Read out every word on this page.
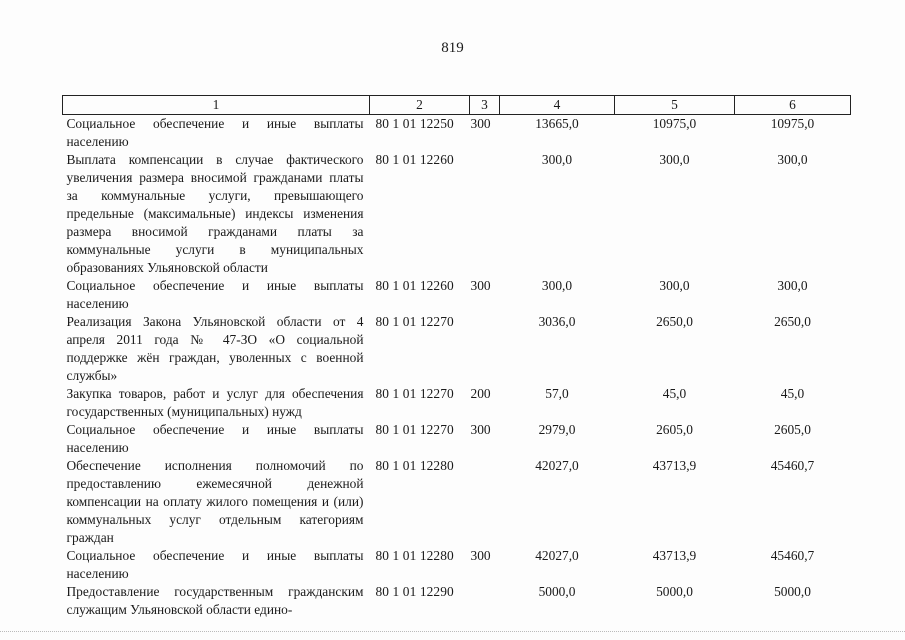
819
1	2	3	4	5	6
Социальное обеспечение и иные выплаты населению	80 1 01 12250	300	13665,0	10975,0	10975,0
Выплата компенсации в случае фактического увеличения размера вносимой гражданами платы за коммунальные услуги, превышающего предельные (максимальные) индексы изменения размера вносимой гражданами платы за коммунальные услуги в муниципальных образованиях Ульяновской области	80 1 01 12260		300,0	300,0	300,0
Социальное обеспечение и иные выплаты населению	80 1 01 12260	300	300,0	300,0	300,0
Реализация Закона Ульяновской области от 4 апреля 2011 года № 47-ЗО «О социальной поддержке жён граждан, уволенных с военной службы»	80 1 01 12270		3036,0	2650,0	2650,0
Закупка товаров, работ и услуг для обеспечения государственных (муниципальных) нужд	80 1 01 12270	200	57,0	45,0	45,0
Социальное обеспечение и иные выплаты населению	80 1 01 12270	300	2979,0	2605,0	2605,0
Обеспечение исполнения полномочий по предоставлению ежемесячной денежной компенсации на оплату жилого помещения и (или) коммунальных услуг отдельным категориям граждан	80 1 01 12280		42027,0	43713,9	45460,7
Социальное обеспечение и иные выплаты населению	80 1 01 12280	300	42027,0	43713,9	45460,7
Предоставление государственным гражданским служащим Ульяновской области едино-	80 1 01 12290		5000,0	5000,0	5000,0
